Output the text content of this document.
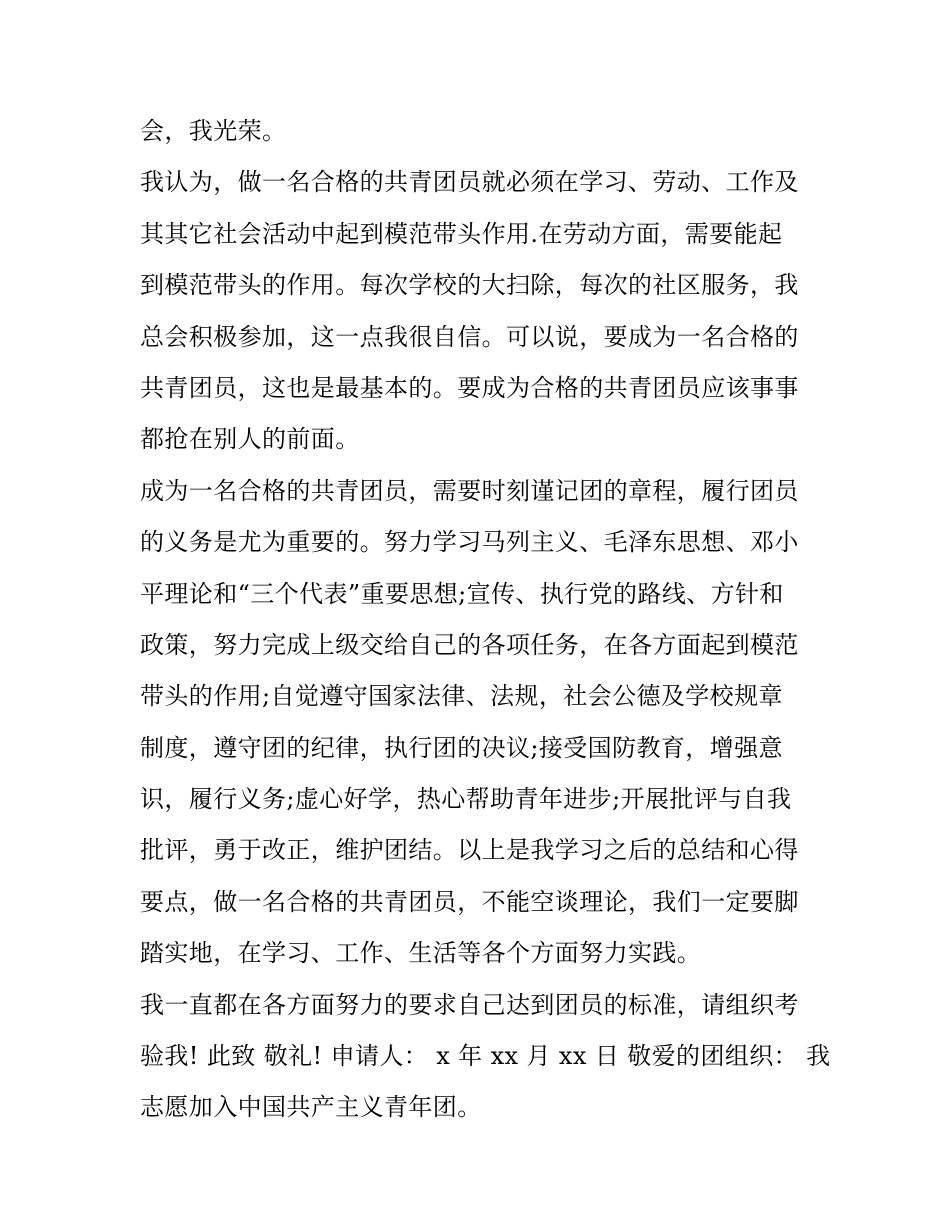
会，我光荣。
我认为，做一名合格的共青团员就必须在学习、劳动、工作及
其其它社会活动中起到模范带头作用.在劳动方面，需要能起
到模范带头的作用。每次学校的大扫除，每次的社区服务，我
总会积极参加，这一点我很自信。可以说，要成为一名合格的
共青团员，这也是最基本的。要成为合格的共青团员应该事事
都抢在别人的前面。
成为一名合格的共青团员，需要时刻谨记团的章程，履行团员
的义务是尤为重要的。努力学习马列主义、毛泽东思想、邓小
平理论和“三个代表”重要思想;宣传、执行党的路线、方针和
政策，努力完成上级交给自己的各项任务，在各方面起到模范
带头的作用;自觉遵守国家法律、法规，社会公德及学校规章
制度，遵守团的纪律，执行团的决议;接受国防教育，增强意
识，履行义务;虚心好学，热心帮助青年进步;开展批评与自我
批评，勇于改正，维护团结。以上是我学习之后的总结和心得
要点，做一名合格的共青团员，不能空谈理论，我们一定要脚
踏实地，在学习、工作、生活等各个方面努力实践。
我一直都在各方面努力的要求自己达到团员的标准，请组织考
验我! 此致 敬礼! 申请人： x 年 xx 月 xx 日 敬爱的团组织： 我
志愿加入中国共产主义青年团。
